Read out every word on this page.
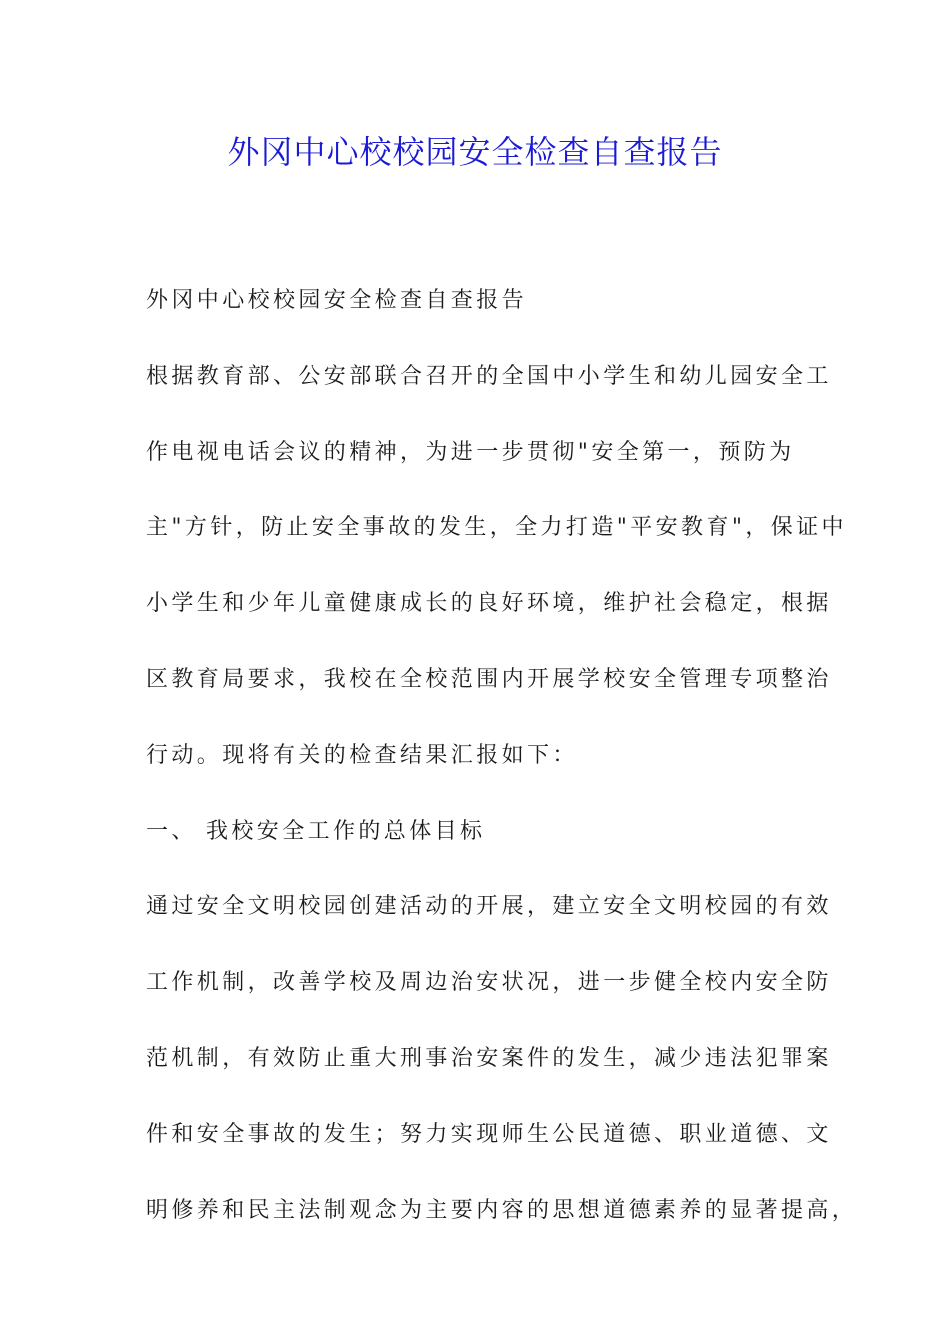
外冈中心校校园安全检查自查报告
外冈中心校校园安全检查自查报告
根据教育部、公安部联合召开的全国中小学生和幼儿园安全工
作电视电话会议的精神，为进一步贯彻"安全第一，预防为
主"方针，防止安全事故的发生，全力打造"平安教育"，保证中
小学生和少年儿童健康成长的良好环境，维护社会稳定，根据
区教育局要求，我校在全校范围内开展学校安全管理专项整治
行动。现将有关的检查结果汇报如下：
一、 我校安全工作的总体目标
通过安全文明校园创建活动的开展，建立安全文明校园的有效
工作机制，改善学校及周边治安状况，进一步健全校内安全防
范机制，有效防止重大刑事治安案件的发生，减少违法犯罪案
件和安全事故的发生；努力实现师生公民道德、职业道德、文
明修养和民主法制观念为主要内容的思想道德素养的显著提高，
